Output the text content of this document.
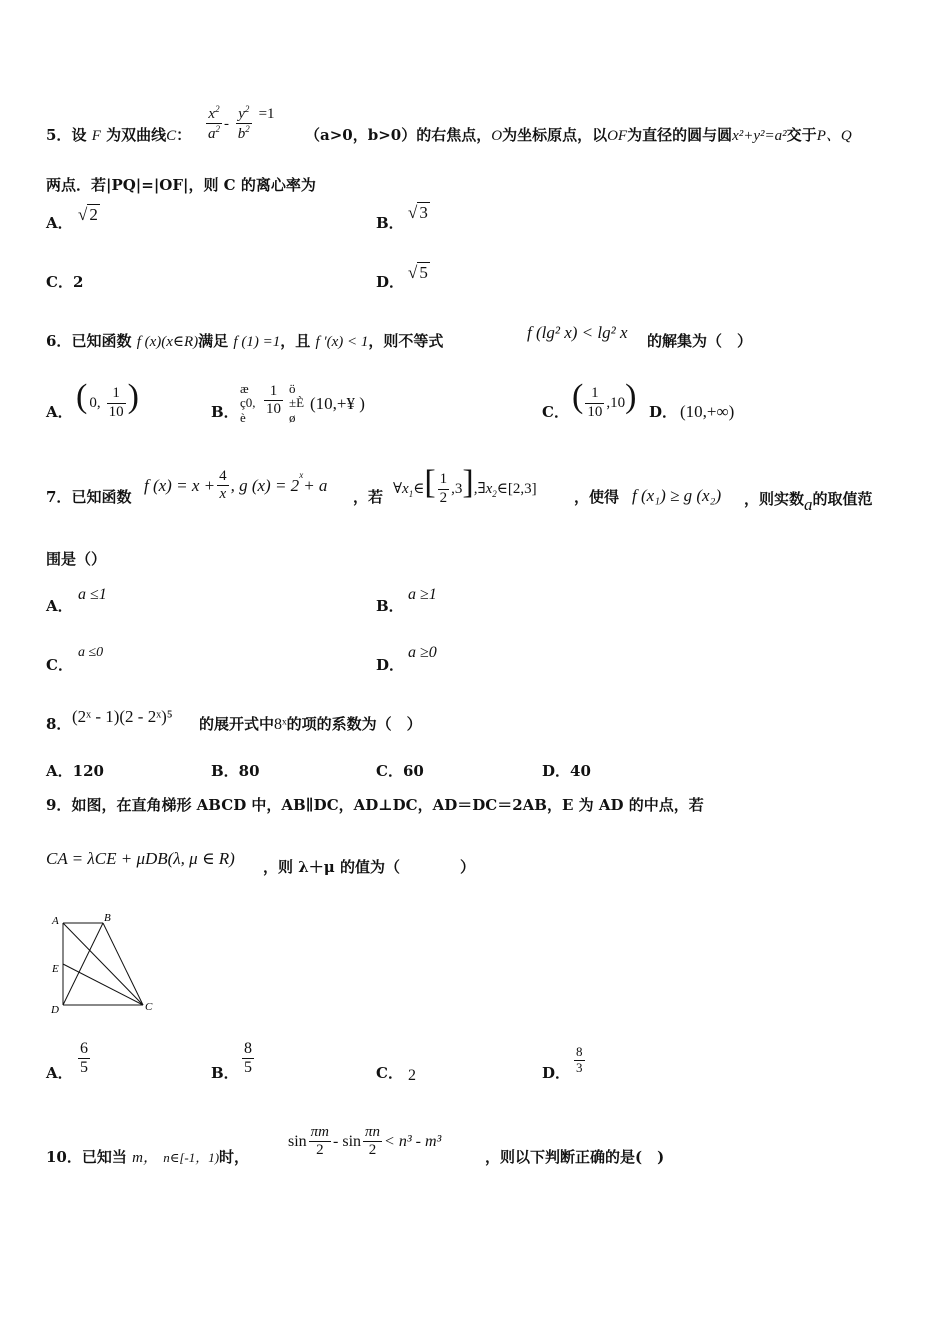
5．设 F 为双曲线C： $\frac{x^2}{a^2} - \frac{y^2}{b^2} =1$
（a>0，b>0）的右焦点，O为坐标原点，以OF为直径的圆与圆x²+y²=a²交于P、Q
两点．若|PQ|=|OF|，则 C 的离心率为
A． √ 2	B．
√ 3
C．2	D． √ 5
6．已知函数 f (x)(x∈R)满足 f (1) =1，且 f ′(x) < 1，则不等式	f (lg² x) < lg² x 的解集为（　）
A． ( 0, $\frac{1}{10}$ )	B．
æ
ç0,
è	$\frac{1}{10}$ ö
±È
ø
(10,+¥ )	C． ( $\frac{1}{10} ,10$) D． (10,+∞)
7．已知函数
f $(x) = x + \frac{4}{x}$ , g $(x) = 2^x+ a$
，若 $\forall x_1\in[ \frac{1}{2}$ $,3],\exists x_2\in[2,3]$ ，使得 f (x₁) ≥ g (x₂) ，则实数a的取值范
围是（）
A．
a ≤1
B．
a ≥1
C．
a ≤0
D．
a ≥0
8． (2ˣ - 1)(2 - 2ˣ)⁵ 的展开式中8ˣ的项的系数为（　）
A．120	B．80	C．60	D．40
9．如图，在直角梯形 ABCD 中，AB∥DC，AD⊥DC，AD＝DC＝2AB，E 为 AD 的中点，若
CA = λCE + μDB(λ, μ ∈ R) ，则 λ＋μ 的值为（　　　　）
A	B
E
D	C
A． $\frac{6}{5}$	B． $\frac{8}{5}$	C． 2	D． $\frac{8}{3}$
10．已知当 m， n∈[-1，1)时，
$\sin \frac{\pi m}{2} - \sin \frac{\pi n}{2} < n^3 - m^3$
，则以下判断正确的是(　)
